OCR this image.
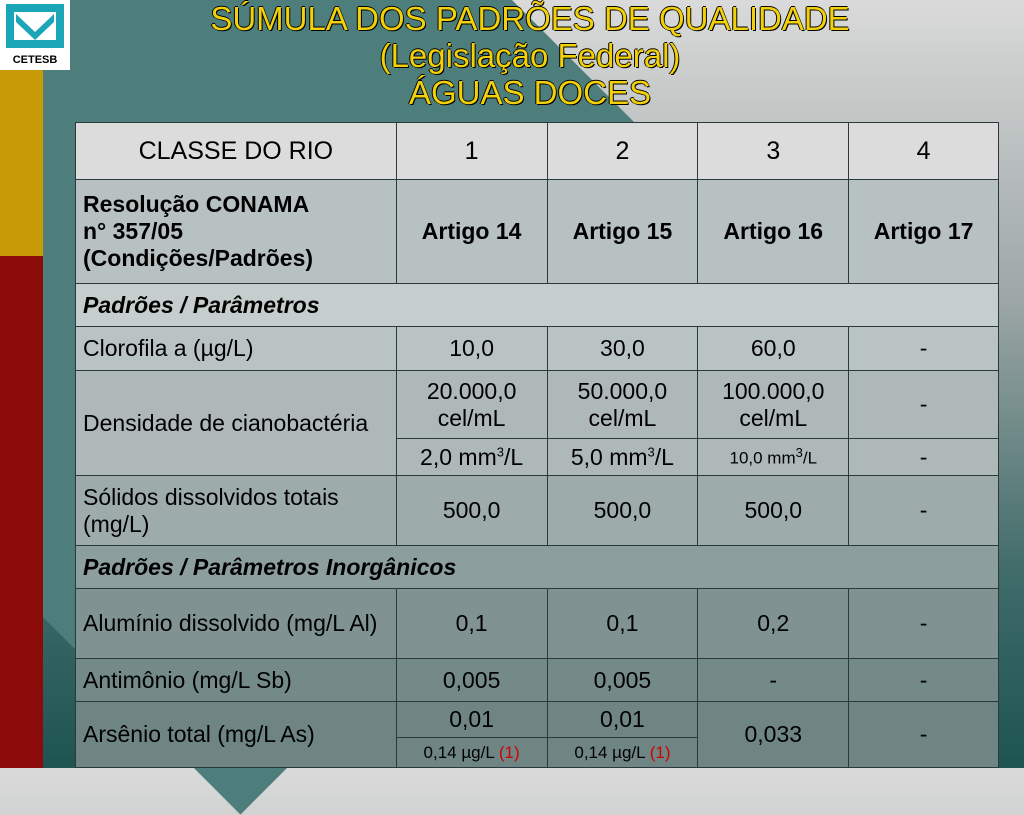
CETESB
SÚMULA DOS PADRÕES DE QUALIDADE
(Legislação Federal)
ÁGUAS DOCES
CLASSE DO RIO	1	2	3	4

Resolução CONAMA
n° 357/05
(Condições/Padrões)	Artigo 14	Artigo 15	Artigo 16	Artigo 17
Padrões / Parâmetros				
Clorofila a (µg/L)	10,0	30,0	60,0	-
Densidade de cianobactéria	20.000,0 cel/mL	50.000,0 cel/mL	100.000,0 cel/mL	-
	2,0 $mm^3/L$	5,0 $mm^3/L$	10,0 $mm^3/L$	-
Sólidos dissolvidos totais (mg/L)	500,0	500,0	500,0	-
Padrões / Parâmetros Inorgânicos				
Alumínio dissolvido (mg/L Al)	0,1	0,1	0,2	-
Antimônio (mg/L Sb)	0,005	0,005	-	-
Arsênio total (mg/L As)	0,01	0,01	0,033	-
	0,14 µg/L (1)	0,14 µg/L (1)		
